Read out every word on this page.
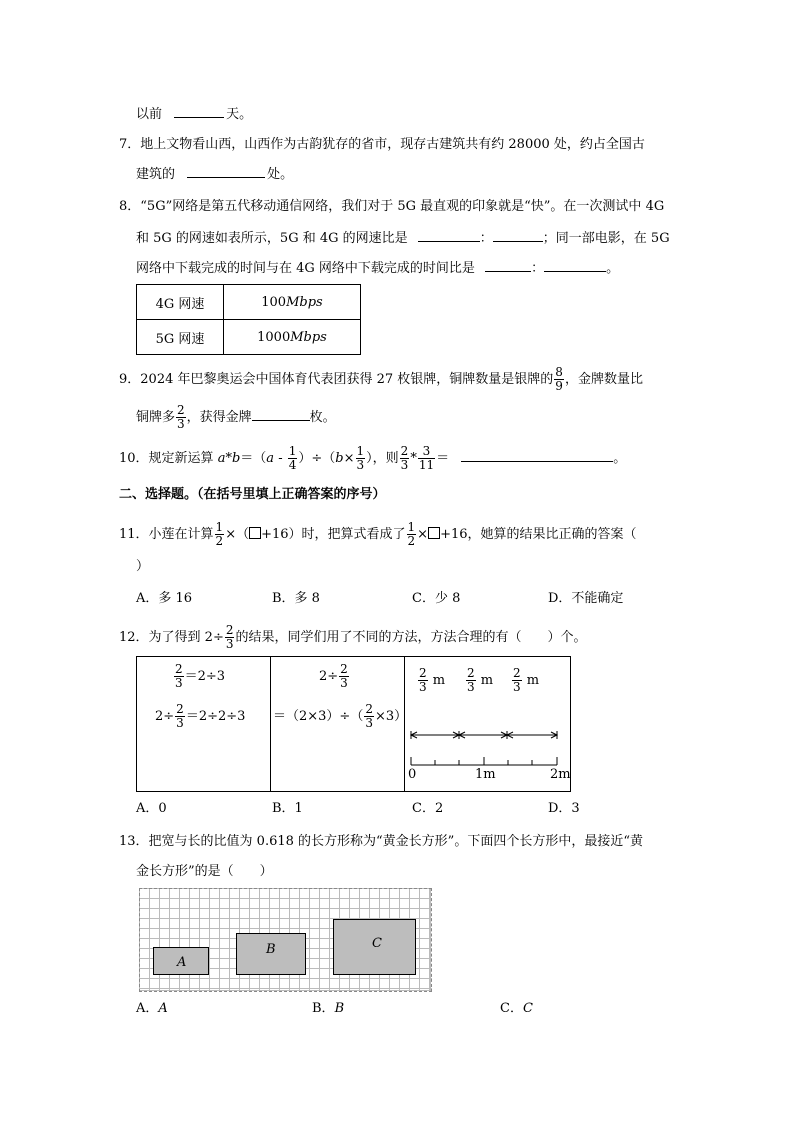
以前	天。
7．地上文物看山西，山西作为古韵犹存的省市，现存古建筑共有约 28000 处，约占全国古
建筑的	处。
8．“5G”网络是第五代移动通信网络，我们对于 5G 最直观的印象就是“快”。在一次测试中 4G
和 5G 的网速如表所示，5G 和 4G 的网速比是	：	；同一部电影，在 5G
网络中下载完成的时间与在 4G 网络中下载完成的时间比是	：	。
4G 网速	100Mbps
5G 网速	1000Mbps
9．2024 年巴黎奥运会中国体育代表团获得 27 枚银牌，铜牌数量是银牌的 $\frac{8}{9}$ ，金牌数量比
铜牌多 $\frac{2}{3}$ ，获得金牌	枚。
10．规定新运算 $a*b=(a - \frac{1}{4} )\div(b\times \frac{1}{3}$ ），则 $\frac{2}{3} * \frac{3}{11}$ ＝	。
二、选择题。（在括号里填上正确答案的序号）
11．小莲在计算 $\frac{1}{2}$ ×（ +16）时，把算式看成了 $\frac{1}{2} \times +16$，她算的结果比正确的答案（
）
A．多 16	B．多 8	C．少 8	D．不能确定
12．为了得到 $2\div \frac{2}{3}$ 的结果，同学们用了不同的方法，方法合理的有（　　）个。
$\frac{2}{3} =2\div 3$
$2\div \frac{2}{3} =2\div 2\div 3$
$2\div \frac{2}{3}$
$=(2\times 3)\div( \frac{2}{3} \times 3)$
$\frac{2}{3}$ m $\frac{2}{3}$ m $\frac{2}{3}$ m
0	1m	2m
A．0	B．1	C．2	D．3
13．把宽与长的比值为 0.618 的长方形称为“黄金长方形”。下面四个长方形中，最接近“黄
金长方形”的是（　　）
A
B	C
A．A	B．B	C．C
